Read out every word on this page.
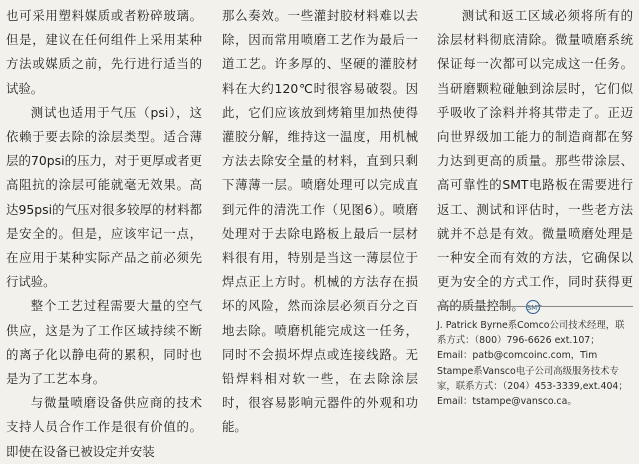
也可采用塑料媒质或者粉碎玻璃。但是，建议在任何组件上采用某种方法或媒质之前，先行进行适当的试验。

测试也适用于气压（psi），这依赖于要去除的涂层类型。适合薄层的70psi的压力，对于更厚或者更高阻抗的涂层可能就毫无效果。高达95psi的气压对很多较厚的材料都是安全的。但是，应该牢记一点，在应用于某种实际产品之前必须先行试验。

整个工艺过程需要大量的空气供应，这是为了工作区域持续不断的离子化以静电荷的累积，同时也是为了工艺本身。

与微量喷磨设备供应商的技术支持人员合作工作是很有价值的。即使在设备已被设定并安装

那么奏效。一些灌封胶材料难以去除，因而常用喷磨工艺作为最后一道工艺。许多厚的、坚硬的灌胶材料在大约120℃时很容易破裂。因此，它们应该放到烤箱里加热使得灌胶分解，维持这一温度，用机械方法去除安全量的材料，直到只剩下薄薄一层。喷磨处理可以完成直到元件的清洗工作（见图6）。喷磨处理对于去除电路板上最后一层材料很有用，特别是当这一薄层位于焊点正上方时。机械的方法存在损坏的风险，然而涂层必须百分之百地去除。喷磨机能完成这一任务，同时不会损坏焊点或连接线路。无铅焊料相对软一些，在去除涂层时，很容易影响元器件的外观和功能。

测试和返工区域必须将所有的涂层材料彻底清除。微量喷磨系统保证每一次都可以完成这一任务。当研磨颗粒碰触到涂层时，它们似乎吸收了涂料并将其带走了。正迈向世界级加工能力的制造商都在努力达到更高的质量。那些带涂层、高可靠性的SMT电路板在需要进行返工、测试和评估时，一些老方法就并不总是有效。微量喷磨处理是一种安全而有效的方法，它确保以更为安全的方式工作，同时获得更高的质量控制。 SMT

J. Patrick Byrne系Comco公司技术经理，联系方式：（800）796-6626 ext.107；Email：patb@comcoinc.com，Tim Stampe系Vansco电子公司高级服务技术专家，联系方式：（204）453-3339,ext.404；Email：tstampe@vansco.ca。
